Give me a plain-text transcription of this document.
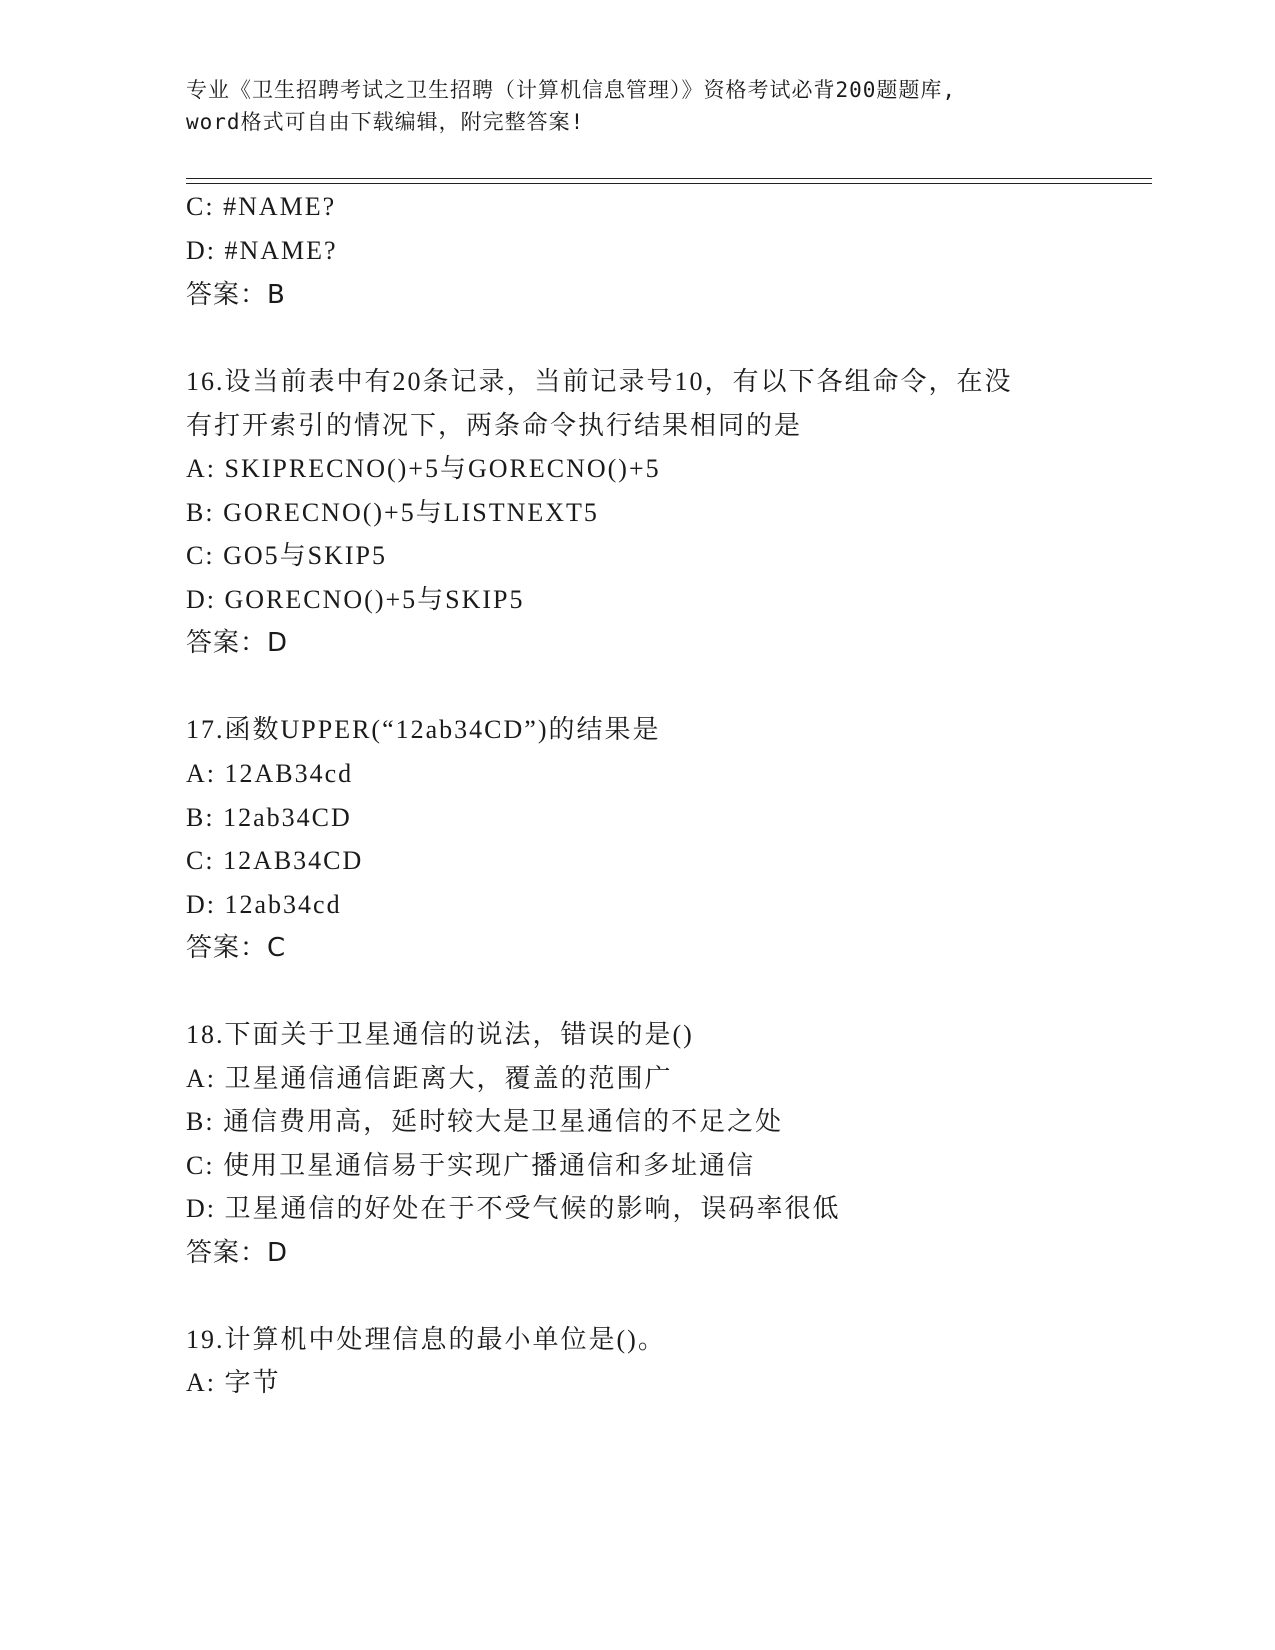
专业《卫生招聘考试之卫生招聘（计算机信息管理）》资格考试必背200题题库,
word格式可自由下载编辑，附完整答案!
C: #NAME?
D: #NAME?
答案：B
16.设当前表中有20条记录，当前记录号10，有以下各组命令，在没
有打开索引的情况下，两条命令执行结果相同的是
A: SKIPRECNO()+5与GORECNO()+5
B: GORECNO()+5与LISTNEXT5
C: GO5与SKIP5
D: GORECNO()+5与SKIP5
答案：D
17.函数UPPER(“12ab34CD”)的结果是
A: 12AB34cd
B: 12ab34CD
C: 12AB34CD
D: 12ab34cd
答案：C
18.下面关于卫星通信的说法，错误的是()
A: 卫星通信通信距离大，覆盖的范围广
B: 通信费用高，延时较大是卫星通信的不足之处
C: 使用卫星通信易于实现广播通信和多址通信
D: 卫星通信的好处在于不受气候的影响，误码率很低
答案：D
19.计算机中处理信息的最小单位是()。
A: 字节
